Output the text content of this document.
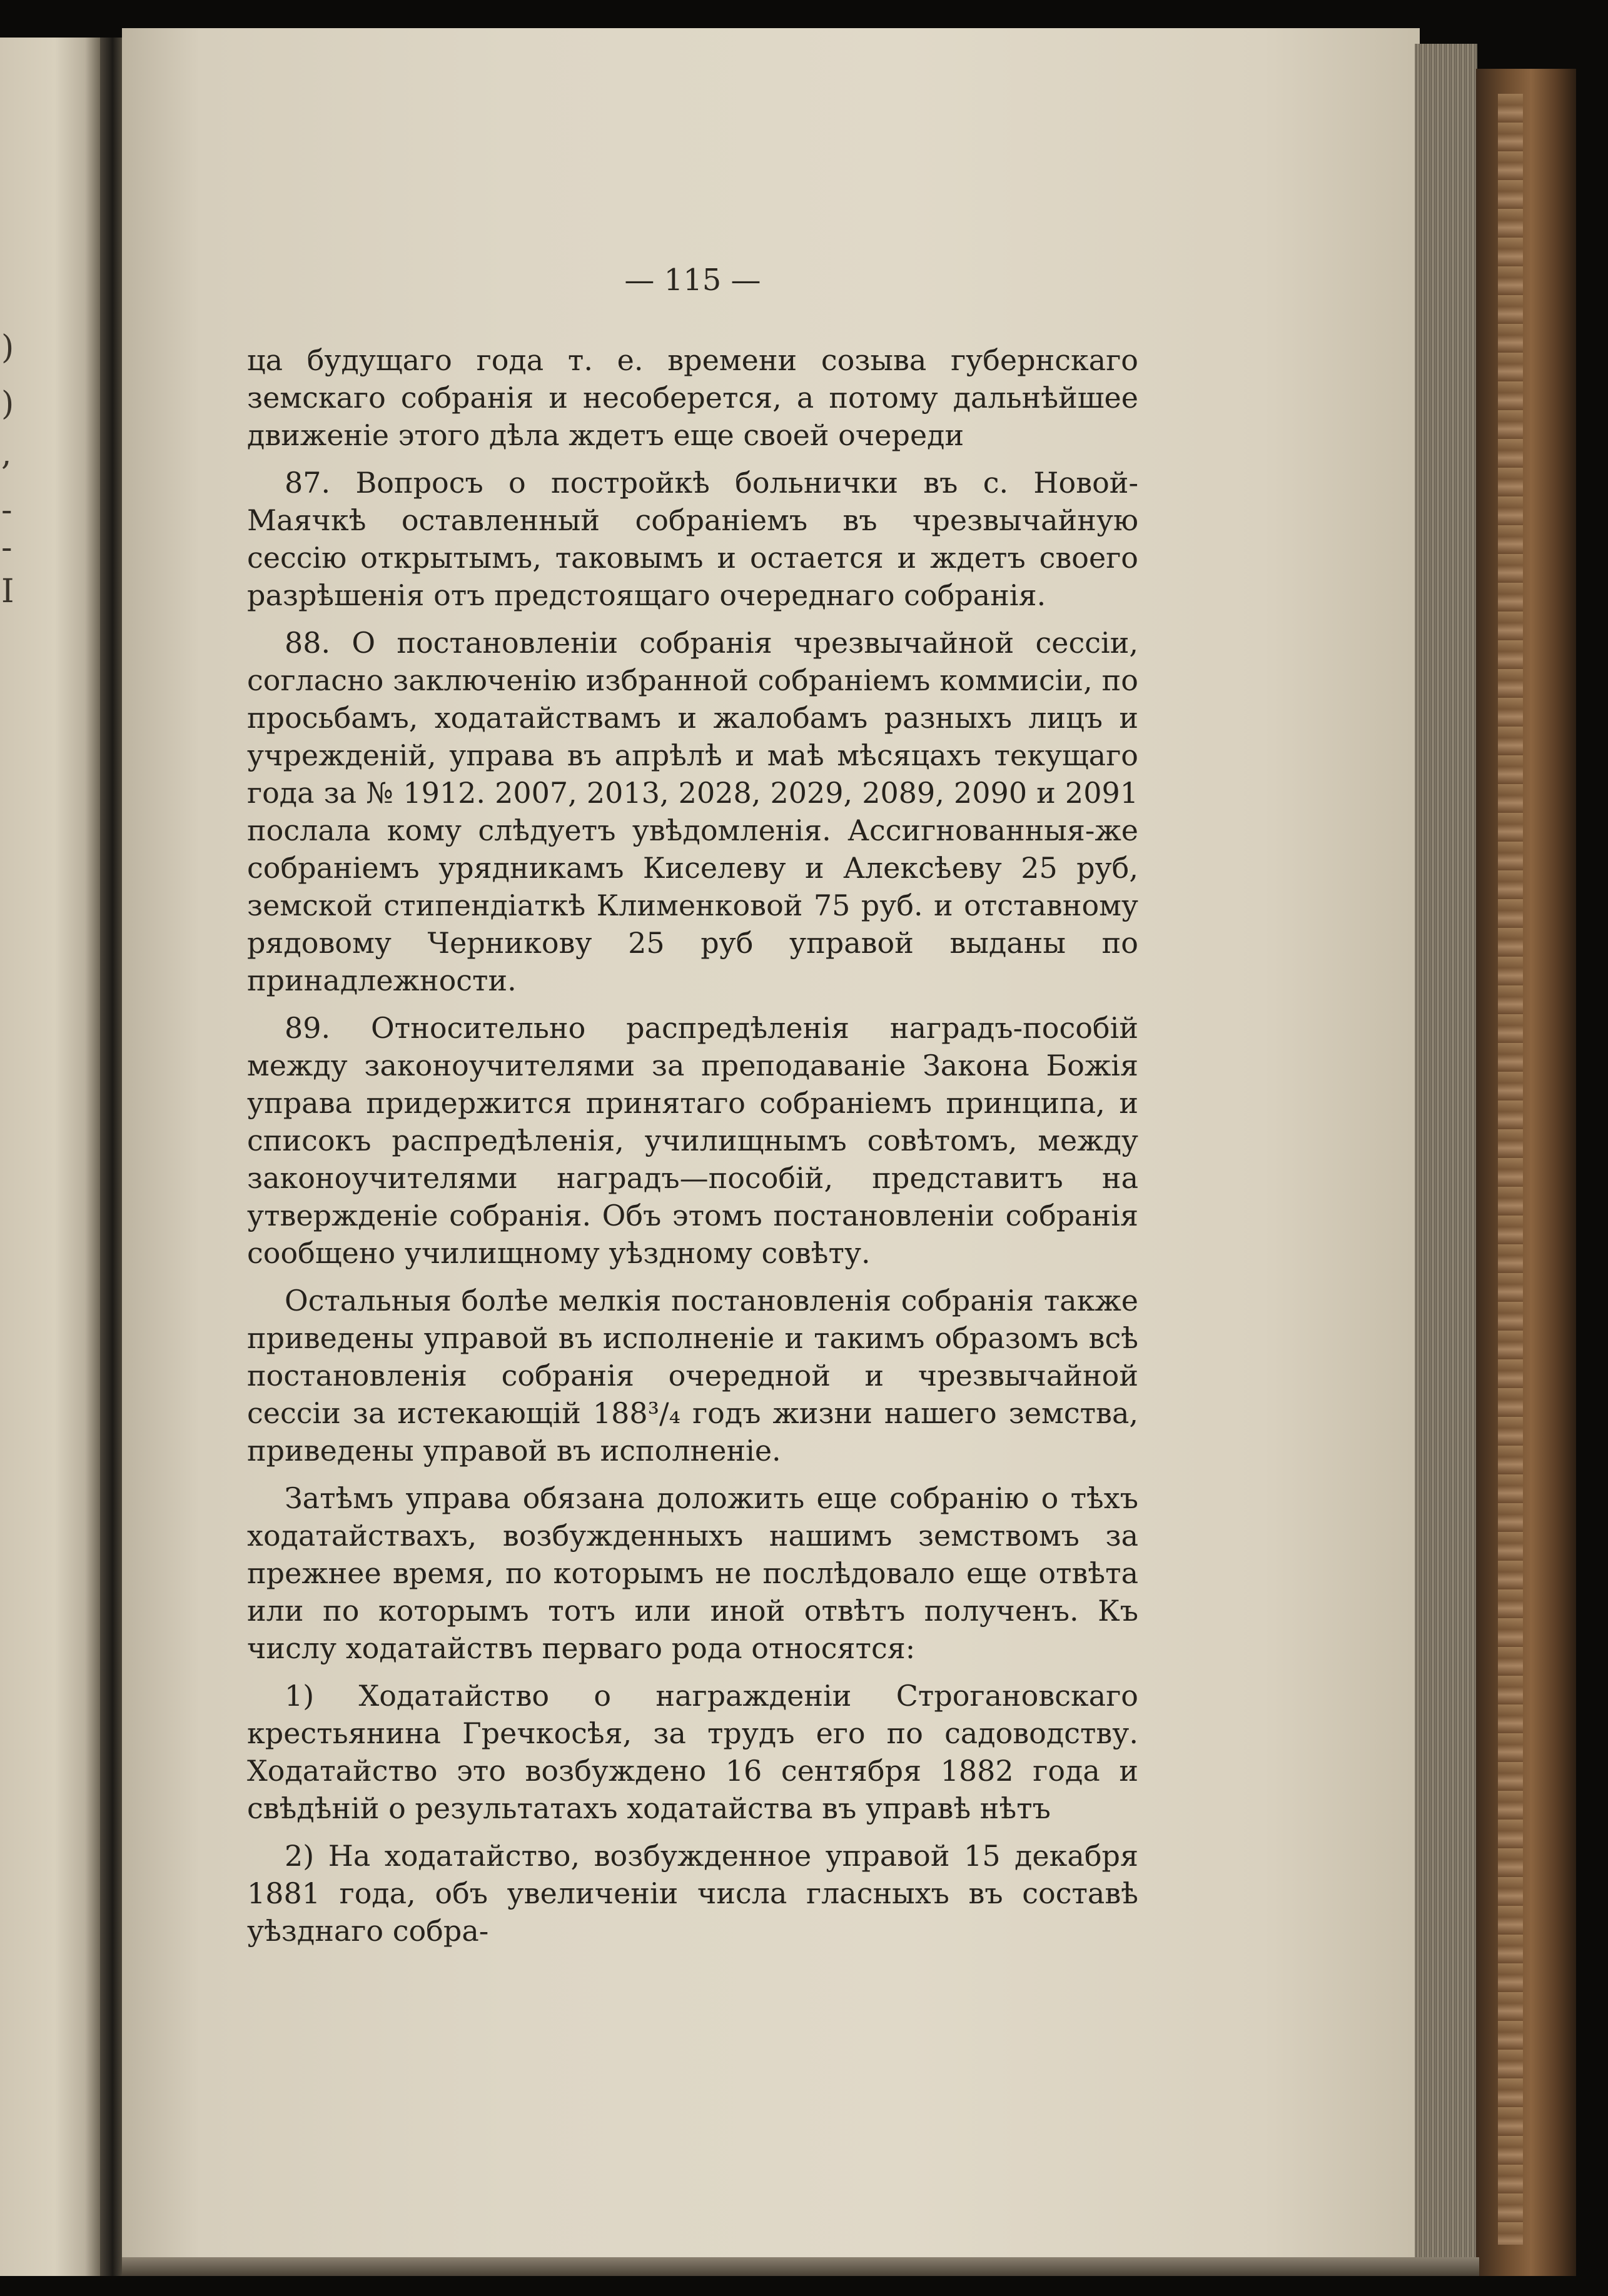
)
)
,
-
-
I
— 115 —

ца будущаго года т. е. времени созыва губернскаго земскаго собранія и несоберется, а потому дальнѣйшее движеніе этого дѣла ждетъ еще своей очереди

87. Вопросъ о постройкѣ больнички въ с. Новой-Маячкѣ оставленный собраніемъ въ чрезвычайную сессію открытымъ, таковымъ и остается и ждетъ своего разрѣшенія отъ предстоящаго очереднаго собранія.

88. О постановленіи собранія чрезвычайной сессіи, согласно заключенію избранной собраніемъ коммисіи, по просьбамъ, ходатайствамъ и жалобамъ разныхъ лицъ и учрежденій, управа въ апрѣлѣ и маѣ мѣсяцахъ текущаго года за № 1912. 2007, 2013, 2028, 2029, 2089, 2090 и 2091 послала кому слѣдуетъ увѣдомленія. Ассигнованныя-же собраніемъ урядникамъ Киселеву и Алексѣеву 25 руб, земской стипендіаткѣ Клименковой 75 руб. и отставному рядовому Черникову 25 руб управой выданы по принадлежности.

89. Относительно распредѣленія наградъ-пособій между законоучителями за преподаваніе Закона Божія управа придержится принятаго собраніемъ принципа, и списокъ распредѣленія, училищнымъ совѣтомъ, между законоучителями наградъ—пособій, представитъ на утвержденіе собранія. Объ этомъ постановленіи собранія сообщено училищному уѣздному совѣту.

Остальныя болѣе мелкія постановленія собранія также приведены управой въ исполненіе и такимъ образомъ всѣ постановленія собранія очередной и чрезвычайной сессіи за истекающій 188³/₄ годъ жизни нашего земства, приведены управой въ исполненіе.

Затѣмъ управа обязана доложить еще собранію о тѣхъ ходатайствахъ, возбужденныхъ нашимъ земствомъ за прежнее время, по которымъ не послѣдовало еще отвѣта или по которымъ тотъ или иной отвѣтъ полученъ. Къ числу ходатайствъ перваго рода относятся:

1) Ходатайство о награжденіи Строгановскаго крестьянина Гречкосѣя, за трудъ его по садоводству. Ходатайство это возбуждено 16 сентября 1882 года и свѣдѣній о результатахъ ходатайства въ управѣ нѣтъ

2) На ходатайство, возбужденное управой 15 декабря 1881 года, объ увеличеніи числа гласныхъ въ составѣ уѣзднаго собра-
